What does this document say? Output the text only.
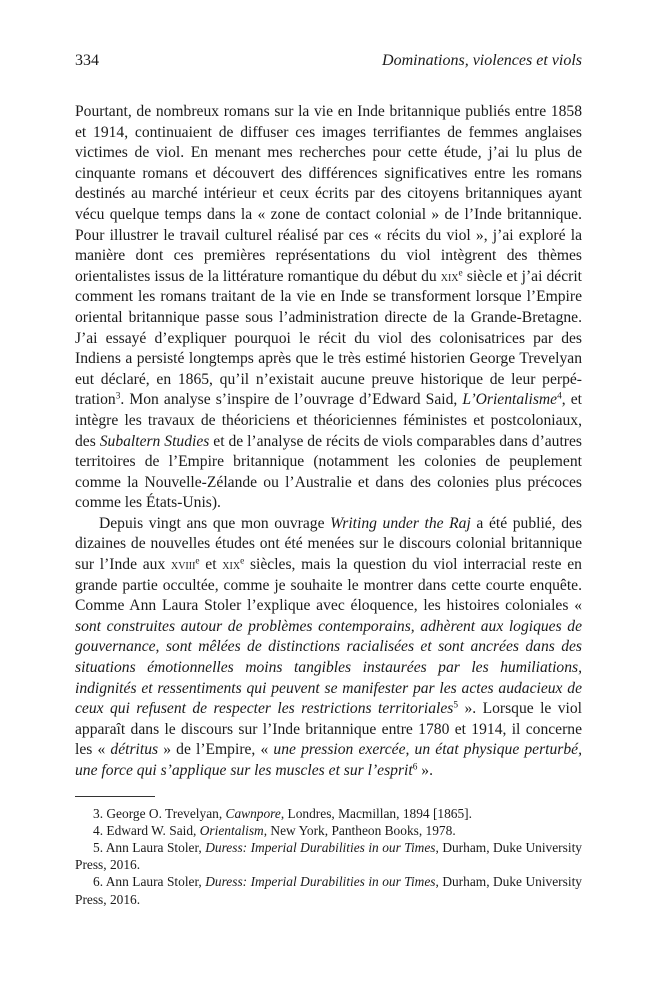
334	Dominations, violences et viols

Pourtant, de nombreux romans sur la vie en Inde britannique publiés entre 1858 et 1914, continuaient de diffuser ces images terrifiantes de femmes anglaises victimes de viol. En menant mes recherches pour cette étude, j’ai lu plus de cinquante romans et découvert des différences significatives entre les romans destinés au marché intérieur et ceux écrits par des citoyens britanniques ayant vécu quelque temps dans la « zone de contact colonial » de l’Inde britannique. Pour illustrer le travail culturel réalisé par ces « récits du viol », j’ai exploré la manière dont ces premières représentations du viol intègrent des thèmes orientalistes issus de la littérature romantique du début du xix$^e$ siècle et j’ai décrit comment les romans traitant de la vie en Inde se transforment lorsque l’Empire oriental britannique passe sous l’administration directe de la Grande-Bretagne. J’ai essayé d’expliquer pourquoi le récit du viol des colonisatrices par des Indiens a persisté longtemps après que le très estimé historien George Trevelyan eut déclaré, en 1865, qu’il n’existait aucune preuve historique de leur perpétration$^3$. Mon analyse s’inspire de l’ouvrage d’Edward Said, L’Orientalisme$^4$, et intègre les travaux de théoriciens et théoriciennes féministes et postcoloniaux, des Subaltern Studies et de l’analyse de récits de viols comparables dans d’autres territoires de l’Empire britannique (notamment les colonies de peuplement comme la Nouvelle-Zélande ou l’Australie et dans des colonies plus précoces comme les États-Unis).

Depuis vingt ans que mon ouvrage Writing under the Raj a été publié, des dizaines de nouvelles études ont été menées sur le discours colonial britannique sur l’Inde aux xviii$^e$ et xix$^e$ siècles, mais la question du viol interracial reste en grande partie occultée, comme je souhaite le montrer dans cette courte enquête. Comme Ann Laura Stoler l’explique avec éloquence, les histoires coloniales « sont construites autour de problèmes contemporains, adhèrent aux logiques de gouvernance, sont mêlées de distinctions racialisées et sont ancrées dans des situations émotionnelles moins tangibles instaurées par les humiliations, indignités et ressentiments qui peuvent se manifester par les actes audacieux de ceux qui refusent de respecter les restrictions territoriales$^5$ ». Lorsque le viol apparaît dans le discours sur l’Inde britannique entre 1780 et 1914, il concerne les « détritus » de l’Empire, « une pression exercée, un état physique perturbé, une force qui s’applique sur les muscles et sur l’esprit$^6$ ».

3. George O. Trevelyan, Cawnpore, Londres, Macmillan, 1894 [1865].

4. Edward W. Said, Orientalism, New York, Pantheon Books, 1978.

5. Ann Laura Stoler, Duress: Imperial Durabilities in our Times, Durham, Duke University Press, 2016.

6. Ann Laura Stoler, Duress: Imperial Durabilities in our Times, Durham, Duke University Press, 2016.
